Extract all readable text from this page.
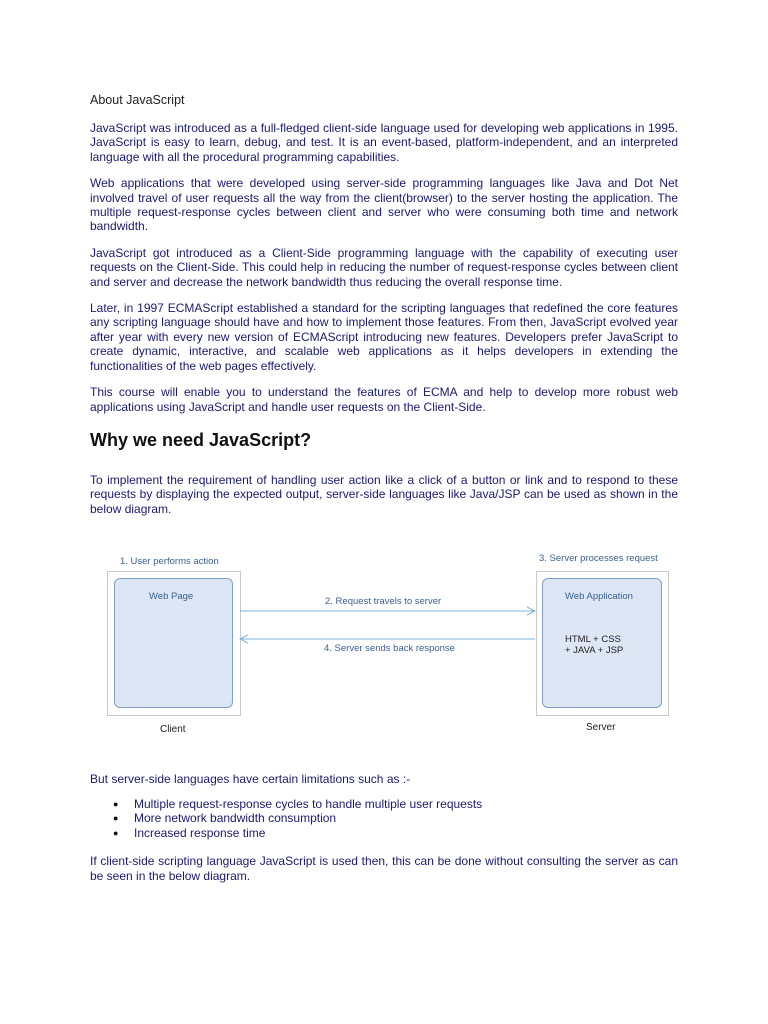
About JavaScript

JavaScript was introduced as a full-fledged client-side language used for developing web applications in 1995. JavaScript is easy to learn, debug, and test. It is an event-based, platform-independent, and an interpreted language with all the procedural programming capabilities.

Web applications that were developed using server-side programming languages like Java and Dot Net involved travel of user requests all the way from the client(browser) to the server hosting the application. The multiple request-response cycles between client and server who were consuming both time and network bandwidth.

JavaScript got introduced as a Client-Side programming language with the capability of executing user requests on the Client-Side. This could help in reducing the number of request-response cycles between client and server and decrease the network bandwidth thus reducing the overall response time.

Later, in 1997 ECMAScript established a standard for the scripting languages that redefined the core features any scripting language should have and how to implement those features. From then, JavaScript evolved year after year with every new version of ECMAScript introducing new features. Developers prefer JavaScript to create dynamic, interactive, and scalable web applications as it helps developers in extending the functionalities of the web pages effectively.

This course will enable you to understand the features of ECMA and help to develop more robust web applications using JavaScript and handle user requests on the Client-Side.

Why we need JavaScript?

To implement the requirement of handling user action like a click of a button or link and to respond to these requests by displaying the expected output, server-side languages like Java/JSP can be used as shown in the below diagram.

1. User performs action	3. Server processes request
Web Page	Web Application
HTML + CSS
+ JAVA + JSP
2. Request travels to server
4. Server sends back response
Client	Server

But server-side languages have certain limitations such as :-

● Multiple request-response cycles to handle multiple user requests
● More network bandwidth consumption
● Increased response time

If client-side scripting language JavaScript is used then, this can be done without consulting the server as can be seen in the below diagram.
